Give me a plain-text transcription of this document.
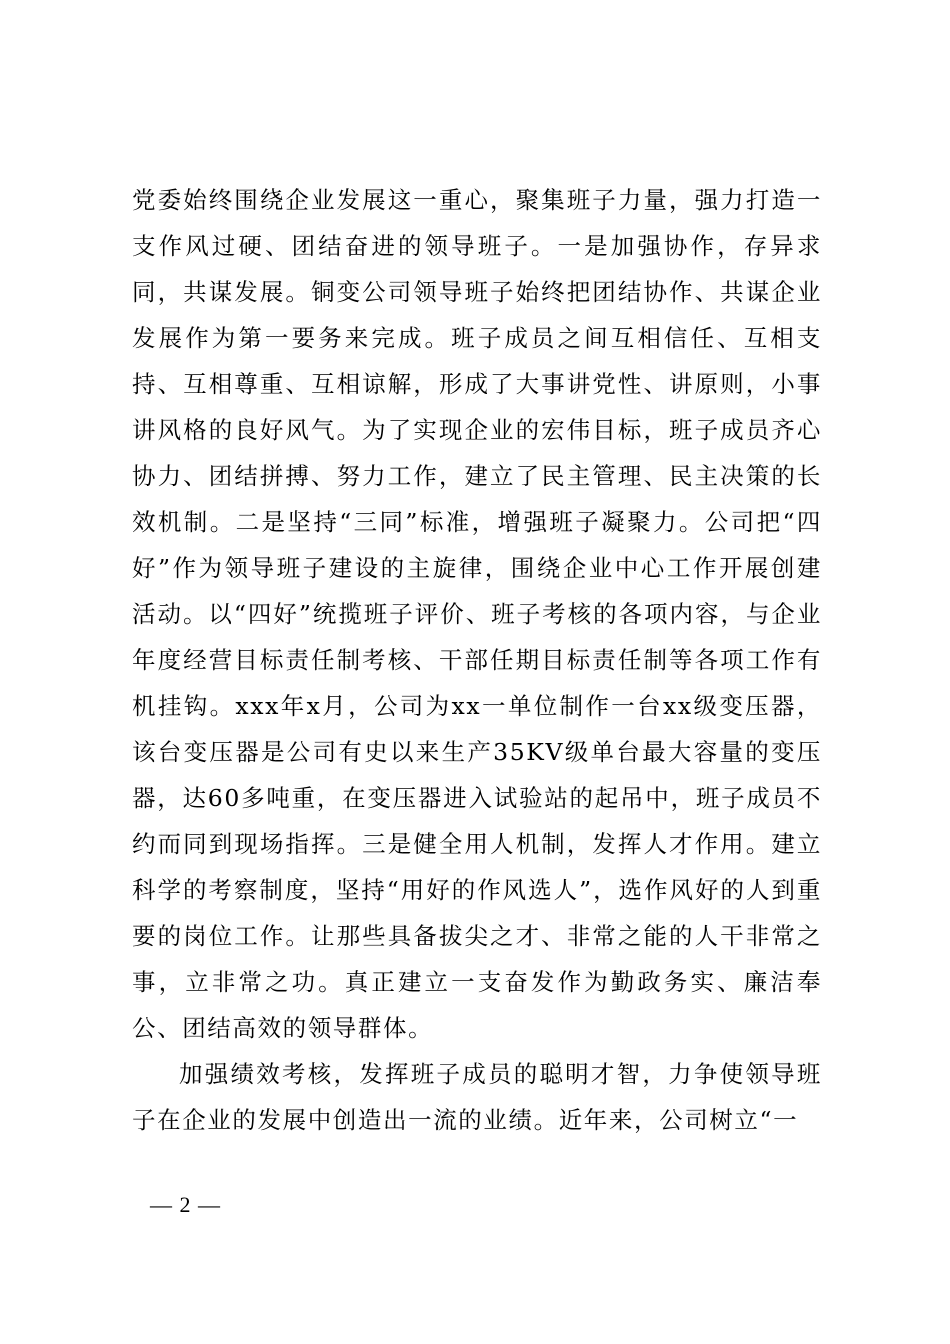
党委始终围绕企业发展这一重心，聚集班子力量，强力打造一支作风过硬、团结奋进的领导班子。一是加强协作，存异求同，共谋发展。铜变公司领导班子始终把团结协作、共谋企业发展作为第一要务来完成。班子成员之间互相信任、互相支持、互相尊重、互相谅解，形成了大事讲党性、讲原则，小事讲风格的良好风气。为了实现企业的宏伟目标，班子成员齐心协力、团结拼搏、努力工作，建立了民主管理、民主决策的长效机制。二是坚持“三同”标准，增强班子凝聚力。公司把“四好”作为领导班子建设的主旋律，围绕企业中心工作开展创建活动。以“四好”统揽班子评价、班子考核的各项内容，与企业年度经营目标责任制考核、干部任期目标责任制等各项工作有机挂钩。xxx年x月，公司为xx一单位制作一台xx级变压器，该台变压器是公司有史以来生产35KV级单台最大容量的变压器，达60多吨重，在变压器进入试验站的起吊中，班子成员不约而同到现场指挥。三是健全用人机制，发挥人才作用。建立科学的考察制度，坚持“用好的作风选人”，选作风好的人到重要的岗位工作。让那些具备拔尖之才、非常之能的人干非常之事，立非常之功。真正建立一支奋发作为勤政务实、廉洁奉公、团结高效的领导群体。

加强绩效考核，发挥班子成员的聪明才智，力争使领导班子在企业的发展中创造出一流的业绩。近年来，公司树立“一

— 2 —
